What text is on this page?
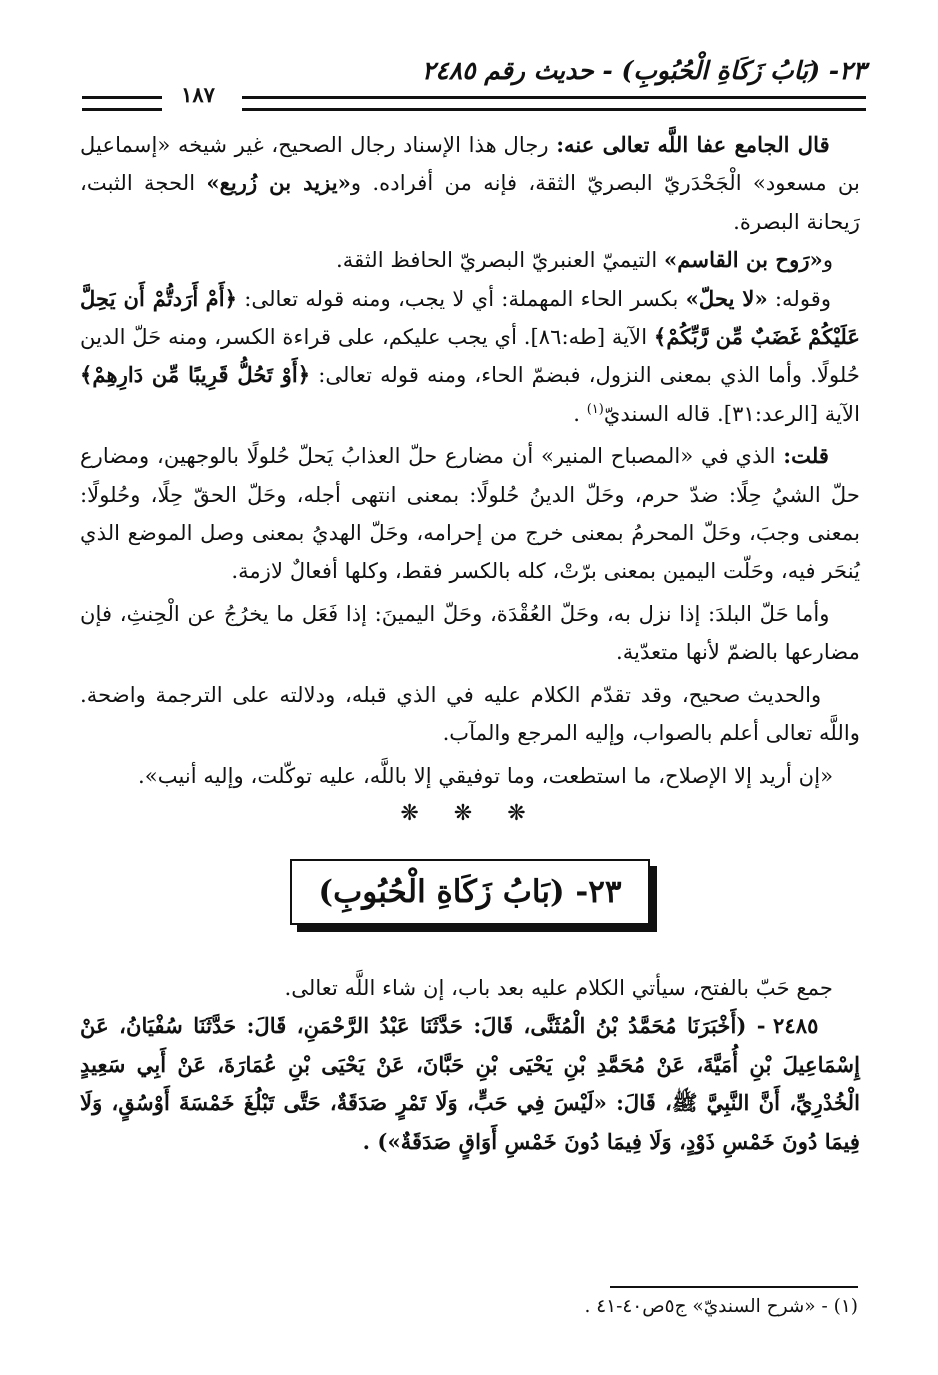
٢٣- (بَابُ زَكَاةِ الْحُبُوبِ) - حديث رقم ٢٤٨٥
١٨٧

قال الجامع عفا اللَّه تعالى عنه: رجال هذا الإسناد رجال الصحيح، غير شيخه «إسماعيل بن مسعود» الْجَحْدَريّ البصريّ الثقة، فإنه من أفراده. و«يزيد بن زُريع» الحجة الثبت، رَيحانة البصرة.

و«رَوح بن القاسم» التيميّ العنبريّ البصريّ الحافظ الثقة.

وقوله: «لا يحلّ» بكسر الحاء المهملة: أي لا يجب، ومنه قوله تعالى: ﴿أَمْ أَرَدتُّمْ أَن يَحِلَّ عَلَيْكُمْ غَضَبٌ مِّن رَّبِّكُمْ﴾ الآية [طه:٨٦]. أي يجب عليكم، على قراءة الكسر، ومنه حَلّ الدين حُلولًا. وأما الذي بمعنى النزول، فبضمّ الحاء، ومنه قوله تعالى: ﴿أَوْ تَحُلُّ قَرِيبًا مِّن دَارِهِمْ﴾ الآية [الرعد:٣١]. قاله السنديّ$^{(١)}$ .

قلت: الذي في «المصباح المنير» أن مضارع حلّ العذابُ يَحلّ حُلولًا بالوجهين، ومضارع حلّ الشيُ حِلًا: ضدّ حرم، وحَلّ الدينُ حُلولًا: بمعنى انتهى أجله، وحَلّ الحقّ حِلًا، وحُلولًا: بمعنى وجبَ، وحَلّ المحرمُ بمعنى خرج من إحرامه، وحَلّ الهديُ بمعنى وصل الموضع الذي يُنحَر فيه، وحَلّت اليمين بمعنى برّتْ، كله بالكسر فقط، وكلها أفعالٌ لازمة.

وأما حَلّ البلدَ: إذا نزل به، وحَلّ العُقْدَة، وحَلّ اليمينَ: إذا فَعَل ما يخرُجُ عن الْحِنثِ، فإن مضارعها بالضمّ لأنها متعدّية.

والحديث صحيح، وقد تقدّم الكلام عليه في الذي قبله، ودلالته على الترجمة واضحة. واللَّه تعالى أعلم بالصواب، وإليه المرجع والمآب.

«إن أريد إلا الإصلاح، ما استطعت، وما توفيقي إلا باللَّه، عليه توكّلت، وإليه أنيب».

❋ ❋ ❋
٢٣- (بَابُ زَكَاةِ الْحُبُوبِ)

جمع حَبّ بالفتح، سيأتي الكلام عليه بعد باب، إن شاء اللَّه تعالى.

٢٤٨٥ - (أَخْبَرَنَا مُحَمَّدُ بْنُ الْمُثَنَّى، قَالَ: حَدَّثَنَا عَبْدُ الرَّحْمَنِ، قَالَ: حَدَّثَنَا سُفْيَانُ، عَنْ إِسْمَاعِيلَ بْنِ أُمَيَّةَ، عَنْ مُحَمَّدِ بْنِ يَحْيَى بْنِ حَبَّانَ، عَنْ يَحْيَى بْنِ عُمَارَةَ، عَنْ أَبِي سَعِيدٍ الْخُدْرِيِّ، أَنَّ النَّبِيَّ ﷺ، قَالَ: «لَيْسَ فِي حَبٍّ، وَلَا تَمْرٍ صَدَقَةٌ، حَتَّى تَبْلُغَ خَمْسَةَ أَوْسُقٍ، وَلَا فِيمَا دُونَ خَمْسِ ذَوْدٍ، وَلَا فِيمَا دُونَ خَمْسِ أَوَاقٍ صَدَقَةٌ») .

(١) - «شرح السنديّ» ج٥ص٤٠-٤١ .
